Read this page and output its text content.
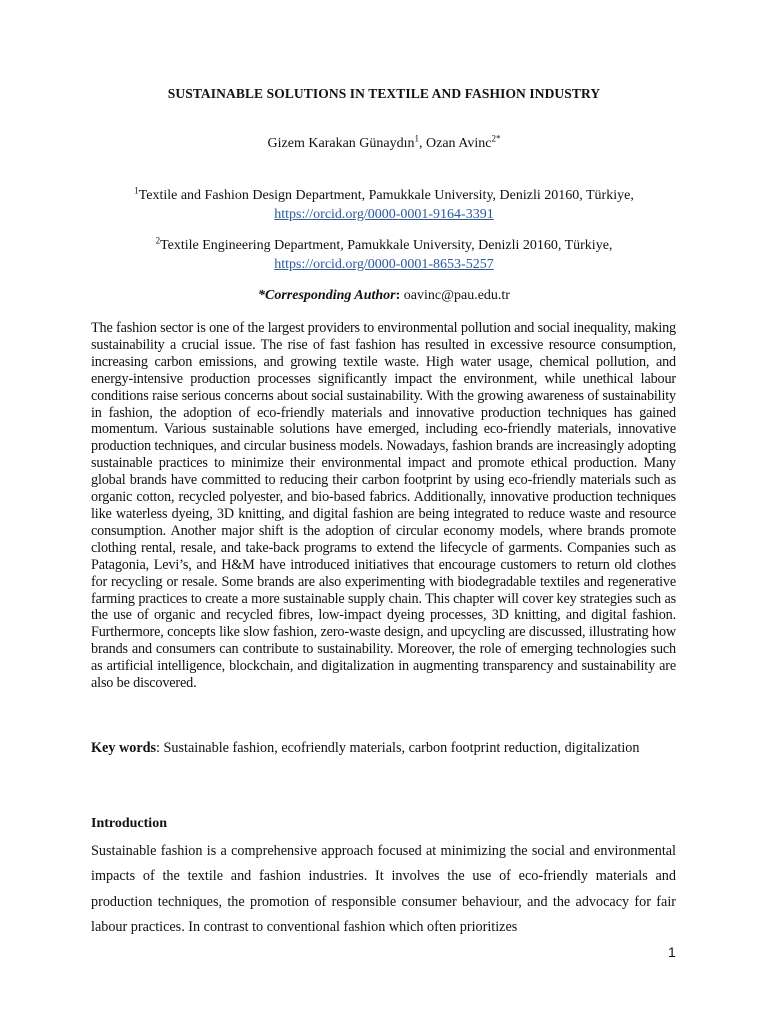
SUSTAINABLE SOLUTIONS IN TEXTILE AND FASHION INDUSTRY
Gizem Karakan Günaydın$^1$, Ozan Avinc$^{2*}$
$^1$Textile and Fashion Design Department, Pamukkale University, Denizli 20160, Türkiye,
https://orcid.org/0000-0001-9164-3391
$^2$Textile Engineering Department, Pamukkale University, Denizli 20160, Türkiye,
https://orcid.org/0000-0001-8653-5257
*Corresponding Author: oavinc@pau.edu.tr

The fashion sector is one of the largest providers to environmental pollution and social inequality, making sustainability a crucial issue. The rise of fast fashion has resulted in excessive resource consumption, increasing carbon emissions, and growing textile waste. High water usage, chemical pollution, and energy-intensive production processes significantly impact the environment, while unethical labour conditions raise serious concerns about social sustainability. With the growing awareness of sustainability in fashion, the adoption of eco-friendly materials and innovative production techniques has gained momentum. Various sustainable solutions have emerged, including eco-friendly materials, innovative production techniques, and circular business models. Nowadays, fashion brands are increasingly adopting sustainable practices to minimize their environmental impact and promote ethical production. Many global brands have committed to reducing their carbon footprint by using eco-friendly materials such as organic cotton, recycled polyester, and bio-based fabrics. Additionally, innovative production techniques like waterless dyeing, 3D knitting, and digital fashion are being integrated to reduce waste and resource consumption. Another major shift is the adoption of circular economy models, where brands promote clothing rental, resale, and take-back programs to extend the lifecycle of garments. Companies such as Patagonia, Levi’s, and H&M have introduced initiatives that encourage customers to return old clothes for recycling or resale. Some brands are also experimenting with biodegradable textiles and regenerative farming practices to create a more sustainable supply chain. This chapter will cover key strategies such as the use of organic and recycled fibres, low-impact dyeing processes, 3D knitting, and digital fashion. Furthermore, concepts like slow fashion, zero-waste design, and upcycling are discussed, illustrating how brands and consumers can contribute to sustainability. Moreover, the role of emerging technologies such as artificial intelligence, blockchain, and digitalization in augmenting transparency and sustainability are also be discovered.

Key words: Sustainable fashion, ecofriendly materials, carbon footprint reduction, digitalization

Introduction

Sustainable fashion is a comprehensive approach focused at minimizing the social and environmental impacts of the textile and fashion industries. It involves the use of eco-friendly materials and production techniques, the promotion of responsible consumer behaviour, and the advocacy for fair labour practices. In contrast to conventional fashion which often prioritizes

1
